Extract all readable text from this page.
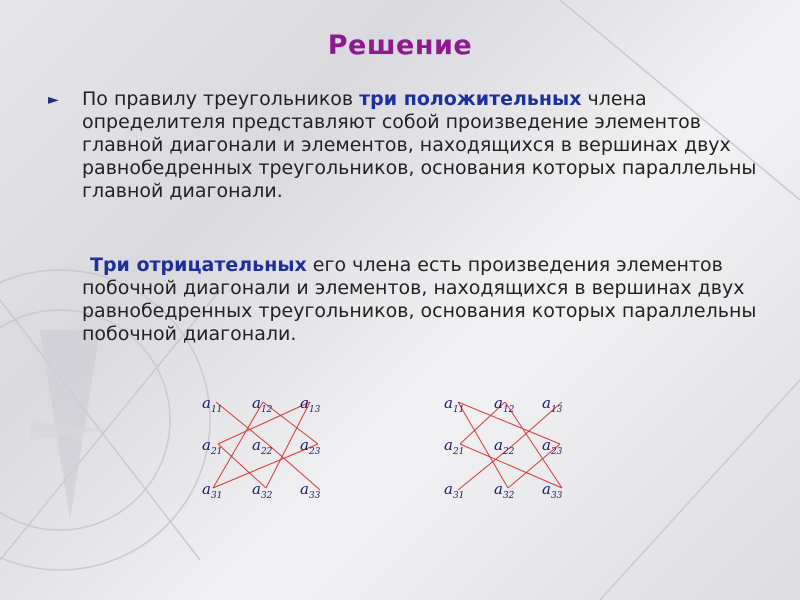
Решение
► По правилу треугольников три положительных члена определителя представляют собой произведение элементов главной диагонали и элементов, находящихся в вершинах двух равнобедренных треугольников, основания которых параллельны главной диагонали.
Три отрицательных его члена есть произведения элементов побочной диагонали и элементов, находящихся в вершинах двух равнобедренных треугольников, основания которых параллельны побочной диагонали.
$a_{11}$ $a_{12}$ $a_{13}$
$a_{21}$ $a_{22}$ $a_{23}$
$a_{31}$ $a_{32}$ $a_{33}$
$a_{11}$ $a_{12}$ $a_{13}$
$a_{21}$ $a_{22}$ $a_{23}$
$a_{31}$ $a_{32}$ $a_{33}$
